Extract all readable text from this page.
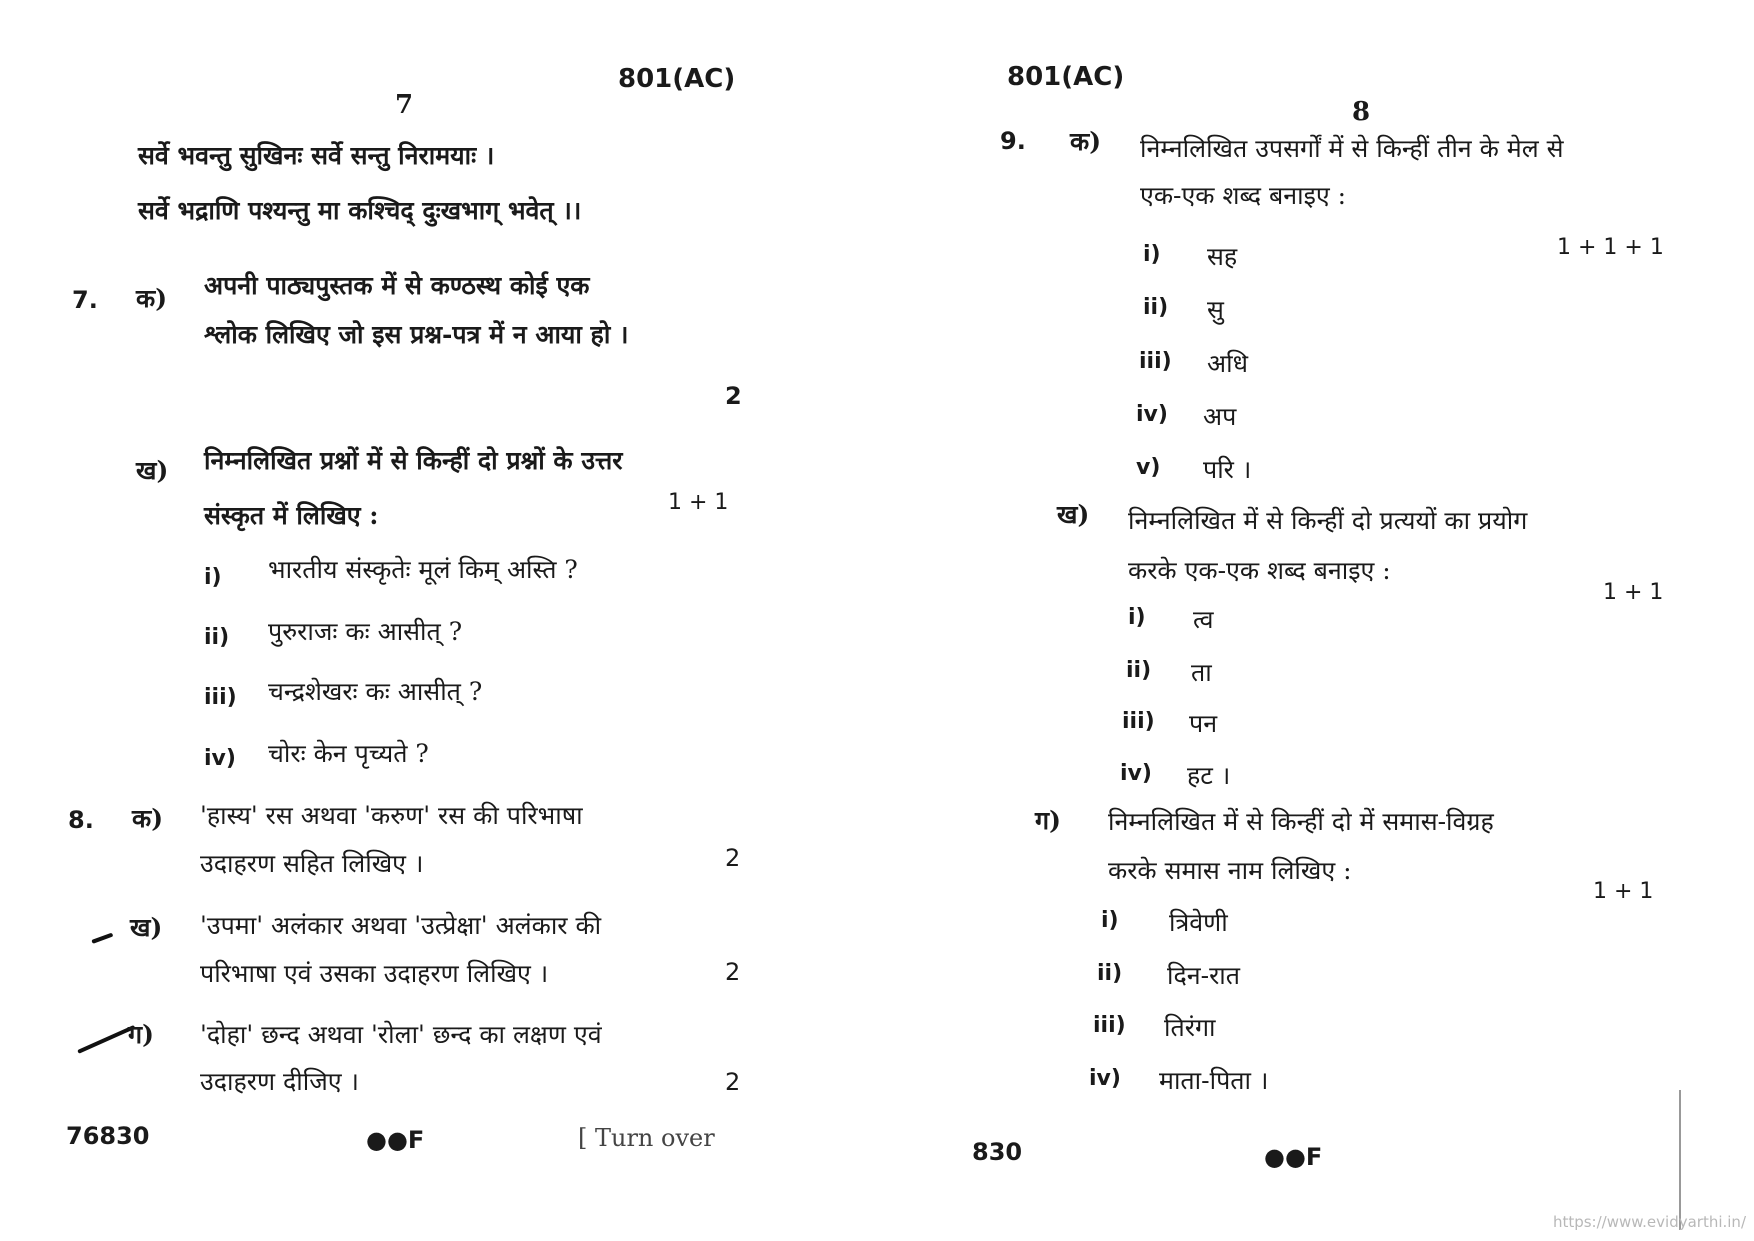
7
801(AC)
सर्वे भवन्तु सुखिनः सर्वे सन्तु निरामयाः ।
सर्वे भद्राणि पश्यन्तु मा कश्चिद् दुःखभाग् भवेत् ।।
7. क) अपनी पाठ्यपुस्तक में से कण्ठस्थ कोई एक
श्लोक लिखिए जो इस प्रश्न-पत्र में न आया हो ।
2
ख) निम्नलिखित प्रश्नों में से किन्हीं दो प्रश्नों के उत्तर
संस्कृत में लिखिए :	1 + 1
i) भारतीय संस्कृतेः मूलं किम् अस्ति ?
ii) पुरुराजः कः आसीत् ?
iii) चन्द्रशेखरः कः आसीत् ?
iv) चोरः केन पृच्यते ?
8. क) 'हास्य' रस अथवा 'करुण' रस की परिभाषा
उदाहरण सहित लिखिए ।	2
ख) 'उपमा' अलंकार अथवा 'उत्प्रेक्षा' अलंकार की
परिभाषा एवं उसका उदाहरण लिखिए ।	2
ग) 'दोहा' छन्द अथवा 'रोला' छन्द का लक्षण एवं
उदाहरण दीजिए ।	2
76830	●●F	[ Turn over
801(AC)
8
9. क) निम्नलिखित उपसर्गों में से किन्हीं तीन के मेल से
एक-एक शब्द बनाइए :
1 + 1 + 1
i) सह
ii) सु
iii) अधि
iv) अप
v) परि ।
ख) निम्नलिखित में से किन्हीं दो प्रत्ययों का प्रयोग
करके एक-एक शब्द बनाइए :
1 + 1
i) त्व
ii) ता
iii) पन
iv) हट ।
ग) निम्नलिखित में से किन्हीं दो में समास-विग्रह
करके समास नाम लिखिए :
1 + 1
i) त्रिवेणी
ii) दिन-रात
iii) तिरंगा
iv) माता-पिता ।
830	●●F
https://www.evidyarthi.in/
